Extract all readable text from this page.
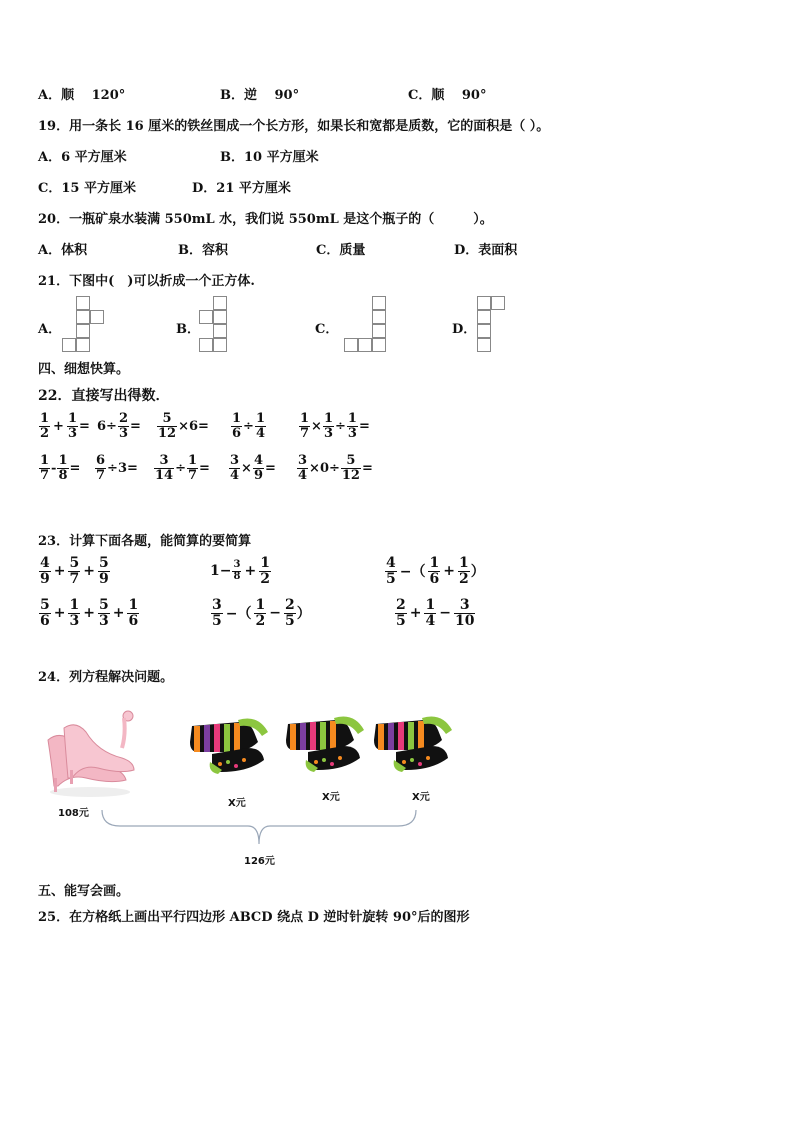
A．顺　 120°	B．逆　 90°	C．顺　 90°
19．用一条长 16 厘米的铁丝围成一个长方形，如果长和宽都是质数，它的面积是（ ）。
A．6 平方厘米	B．10 平方厘米
C．15 平方厘米	D．21 平方厘米
20．一瓶矿泉水装满 550mL 水，我们说 550mL 是这个瓶子的（　　　）。
A．体积	B．容积	C．质量	D．表面积
21．下图中(　)可以折成一个正方体.
A．	B．	C．	D．
四、细想快算。
22．直接写出得数．
$\frac{1}{2} + \frac{1}{3} = 6\div \frac{2}{3} = \frac{5}{12} \times 6= \frac{1}{6} \div \frac{1}{4}$	$\frac{1}{7} \times \frac{1}{3} \div \frac{1}{3}$ =
$\frac{1}{7} - \frac{1}{8} = \frac{6}{7} \div 3= \frac{3}{14} \div \frac{1}{7} = \frac{3}{4} \times \frac{4}{9} = \frac{3}{4} \times 0\div \frac{5}{12}$ =
23．计算下面各题，能简算的要简算
$\frac{4}{9} + \frac{5}{7} + \frac{5}{9}$	$1- \frac{3}{8} + \frac{1}{2}$	$\frac{4}{5}$ −（ $\frac{1}{6} + \frac{1}{2}$ ）
$\frac{5}{6} + \frac{1}{3} + \frac{5}{3} + \frac{1}{6}$	$\frac{3}{5}$ −（ $\frac{1}{2} - \frac{2}{5}$ ）	$\frac{2}{5} + \frac{1}{4} - \frac{3}{10}$
24．列方程解决问题。
108元
X元
X元	X元
126元
五、能写会画。
25．在方格纸上画出平行四边形 ABCD 绕点 D 逆时针旋转 90°后的图形
